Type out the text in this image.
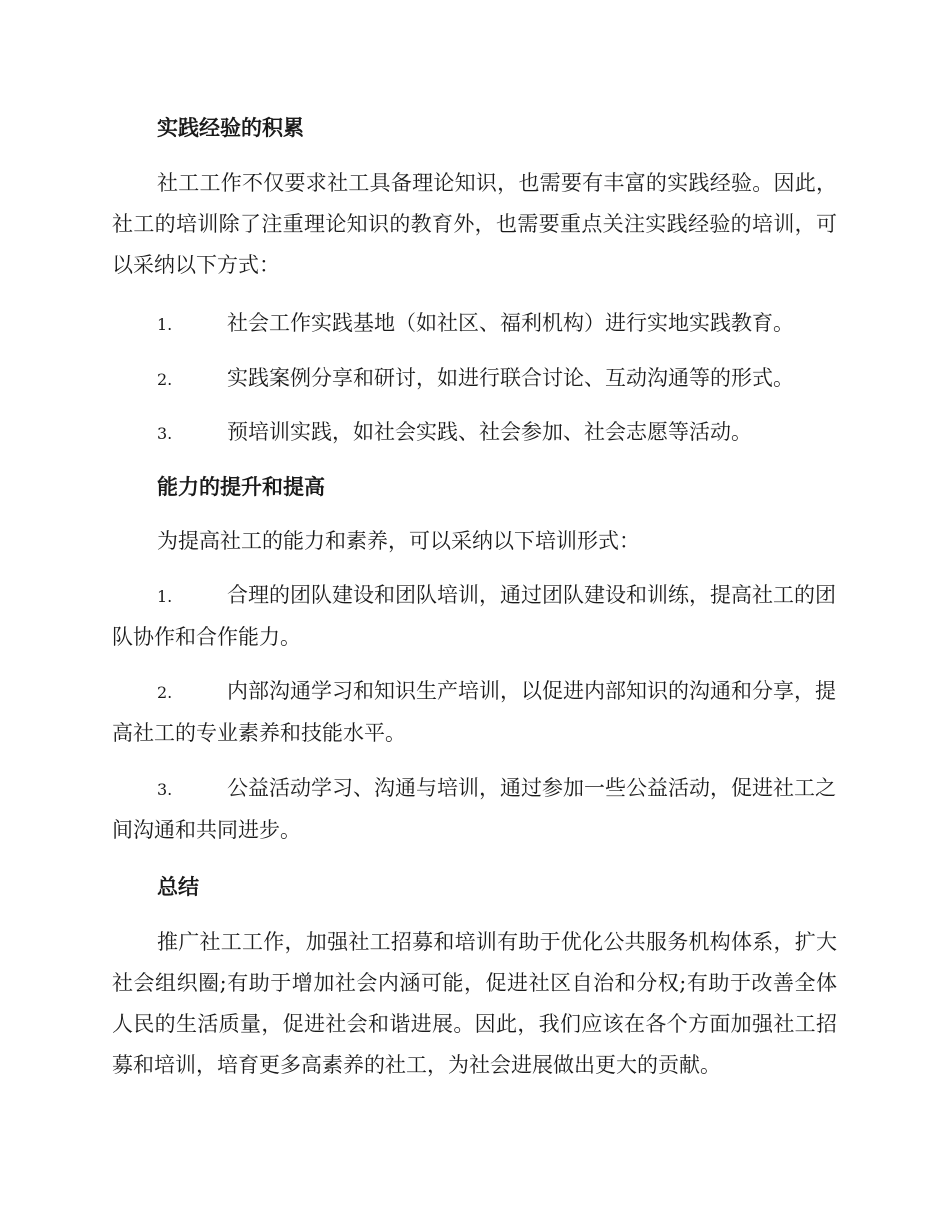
实践经验的积累
社工工作不仅要求社工具备理论知识，也需要有丰富的实践经验。因此，社工的培训除了注重理论知识的教育外，也需要重点关注实践经验的培训，可以采纳以下方式：
1.	社会工作实践基地（如社区、福利机构）进行实地实践教育。
2.	实践案例分享和研讨，如进行联合讨论、互动沟通等的形式。
3.	预培训实践，如社会实践、社会参加、社会志愿等活动。
能力的提升和提高
为提高社工的能力和素养，可以采纳以下培训形式：
1.	合理的团队建设和团队培训，通过团队建设和训练，提高社工的团队协作和合作能力。
2.	内部沟通学习和知识生产培训，以促进内部知识的沟通和分享，提高社工的专业素养和技能水平。
3.	公益活动学习、沟通与培训，通过参加一些公益活动，促进社工之间沟通和共同进步。
总结
推广社工工作，加强社工招募和培训有助于优化公共服务机构体系，扩大社会组织圈;有助于增加社会内涵可能，促进社区自治和分权;有助于改善全体人民的生活质量，促进社会和谐进展。因此，我们应该在各个方面加强社工招募和培训，培育更多高素养的社工，为社会进展做出更大的贡献。
